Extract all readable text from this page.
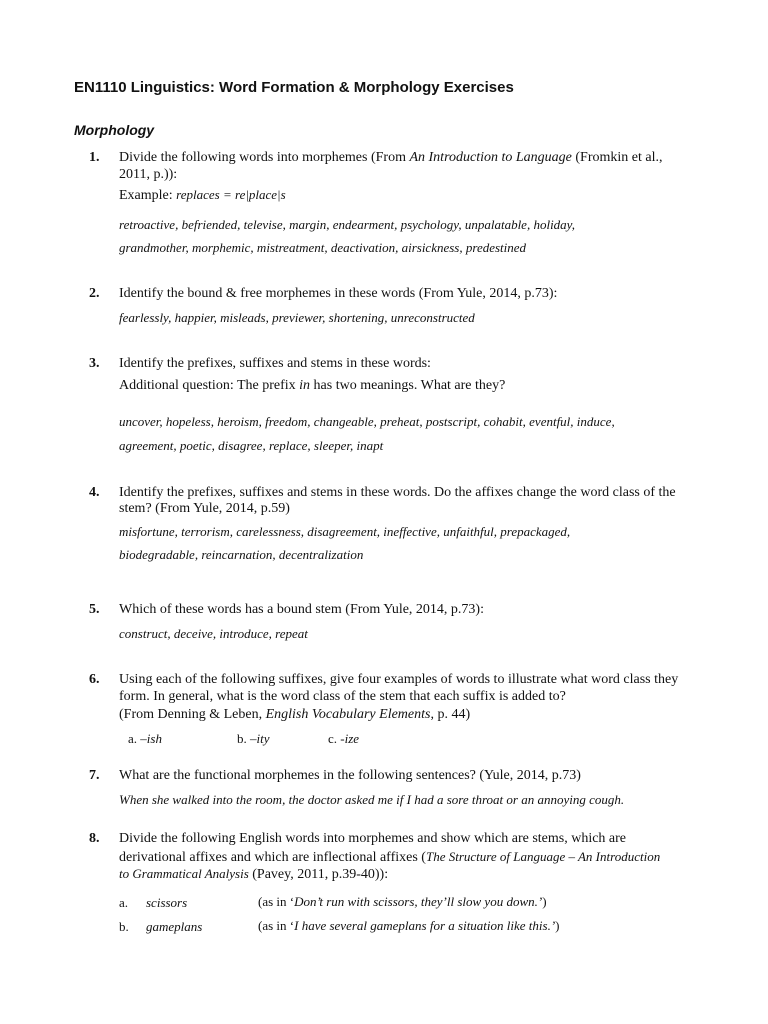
EN1110 Linguistics: Word Formation & Morphology Exercises
Morphology
1. Divide the following words into morphemes (From An Introduction to Language (Fromkin et al.,
2011, p.)):
Example: replaces = re|place|s
retroactive, befriended, televise, margin, endearment, psychology, unpalatable, holiday,
grandmother, morphemic, mistreatment, deactivation, airsickness, predestined
2. Identify the bound & free morphemes in these words (From Yule, 2014, p.73):
fearlessly, happier, misleads, previewer, shortening, unreconstructed
3. Identify the prefixes, suffixes and stems in these words:
Additional question: The prefix in has two meanings. What are they?
uncover, hopeless, heroism, freedom, changeable, preheat, postscript, cohabit, eventful, induce,
agreement, poetic, disagree, replace, sleeper, inapt
4. Identify the prefixes, suffixes and stems in these words. Do the affixes change the word class of the
stem? (From Yule, 2014, p.59)
misfortune, terrorism, carelessness, disagreement, ineffective, unfaithful, prepackaged,
biodegradable, reincarnation, decentralization
5. Which of these words has a bound stem (From Yule, 2014, p.73):
construct, deceive, introduce, repeat
6. Using each of the following suffixes, give four examples of words to illustrate what word class they
form. In general, what is the word class of the stem that each suffix is added to?
(From Denning & Leben, English Vocabulary Elements, p. 44)
a. –ish	b. –ity	c. -ize
7. What are the functional morphemes in the following sentences? (Yule, 2014, p.73)
When she walked into the room, the doctor asked me if I had a sore throat or an annoying cough.
8. Divide the following English words into morphemes and show which are stems, which are
derivational affixes and which are inflectional affixes (The Structure of Language – An Introduction
to Grammatical Analysis (Pavey, 2011, p.39-40)):
a. scissors	(as in ‘Don’t run with scissors, they’ll slow you down.’)
b. gameplans	(as in ‘I have several gameplans for a situation like this.’)
